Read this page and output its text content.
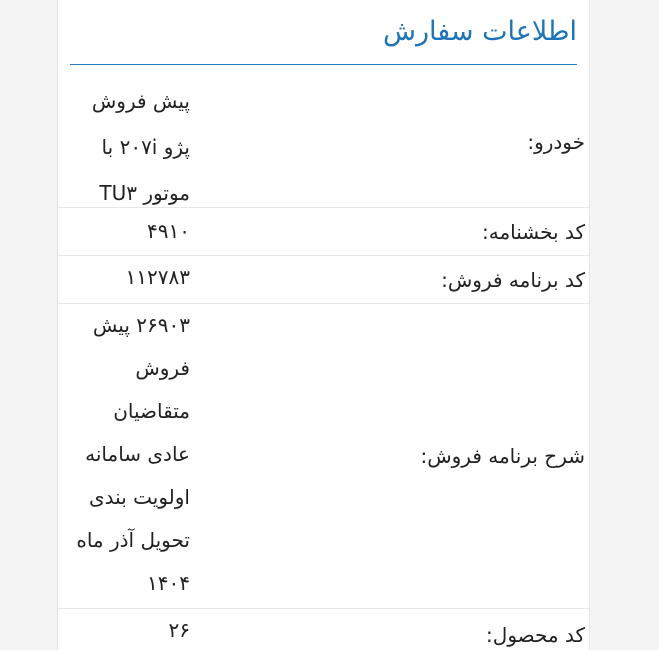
اطلاعات سفارش
خودرو:
پیش فروش پژو ۲۰۷i با موتور TU۳
کد بخشنامه:
۴۹۱۰
کد برنامه فروش:
۱۱۲۷۸۳
شرح برنامه فروش:
۲۶۹۰۳ پیش فروش متقاضیان عادی سامانه اولویت بندی تحویل آذر ماه ۱۴۰۴
کد محصول:
۲۶
